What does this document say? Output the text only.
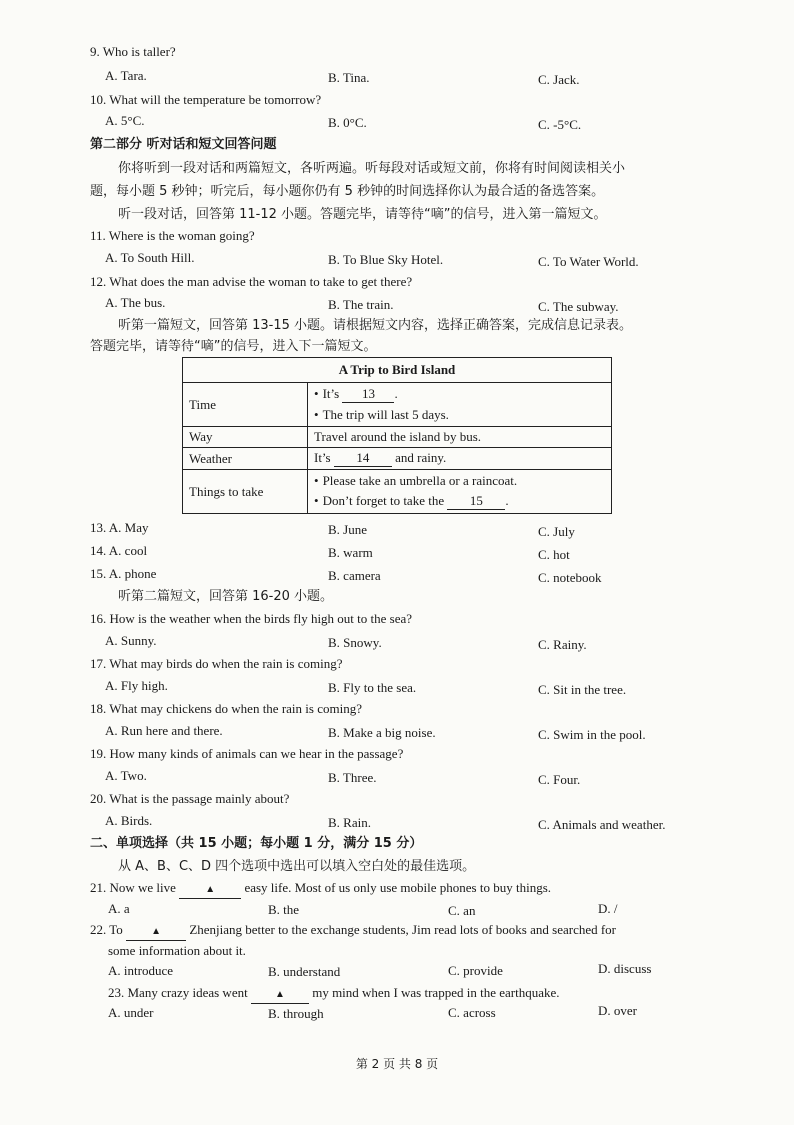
9. Who is taller?
A. Tara.	B. Tina.	C. Jack.
10. What will the temperature be tomorrow?
A. 5°C.	B. 0°C.	C. -5°C.
第二部分 听对话和短文回答问题
你将听到一段对话和两篇短文，各听两遍。听每段对话或短文前，你将有时间阅读相关小
题，每小题 5 秒钟；听完后，每小题你仍有 5 秒钟的时间选择你认为最合适的备选答案。
听一段对话，回答第 11-12 小题。答题完毕，请等待“嘀”的信号，进入第一篇短文。
11. Where is the woman going?
A. To South Hill.	B. To Blue Sky Hotel.	C. To Water World.
12. What does the man advise the woman to take to get there?
A. The bus.	B. The train.	C. The subway.
听第一篇短文，回答第 13-15 小题。请根据短文内容，选择正确答案，完成信息记录表。
答题完毕，请等待“嘀”的信号，进入下一篇短文。
A Trip to Bird Island	
Time	• It’s 13 .
	• The trip will last 5 days.
Way	Travel around the island by bus.
Weather	It’s 14 and rainy.
Things to take	• Please take an umbrella or a raincoat.
	• Don’t forget to take the 15 .
13. A. May	B. June	C. July
14. A. cool	B. warm	C. hot
15. A. phone	B. camera	C. notebook
听第二篇短文，回答第 16-20 小题。
16. How is the weather when the birds fly high out to the sea?
A. Sunny.	B. Snowy.	C. Rainy.
17. What may birds do when the rain is coming?
A. Fly high.	B. Fly to the sea.	C. Sit in the tree.
18. What may chickens do when the rain is coming?
A. Run here and there.	B. Make a big noise.	C. Swim in the pool.
19. How many kinds of animals can we hear in the passage?
A. Two.	B. Three.	C. Four.
20. What is the passage mainly about?
A. Birds.	B. Rain.	C. Animals and weather.
二、单项选择（共 15 小题；每小题 1 分，满分 15 分）
从 A、B、C、D 四个选项中选出可以填入空白处的最佳选项。
21. Now we live	▲ easy life. Most of us only use mobile phones to buy things.
A. a	B. the	C. an	D. /
22. To	▲ Zhenjiang better to the exchange students, Jim read lots of books and searched for
some information about it.
A. introduce	B. understand	C. provide	D. discuss
23. Many crazy ideas went	▲ my mind when I was trapped in the earthquake.
A. under	B. through	C. across	D. over
第 2 页 共 8 页
